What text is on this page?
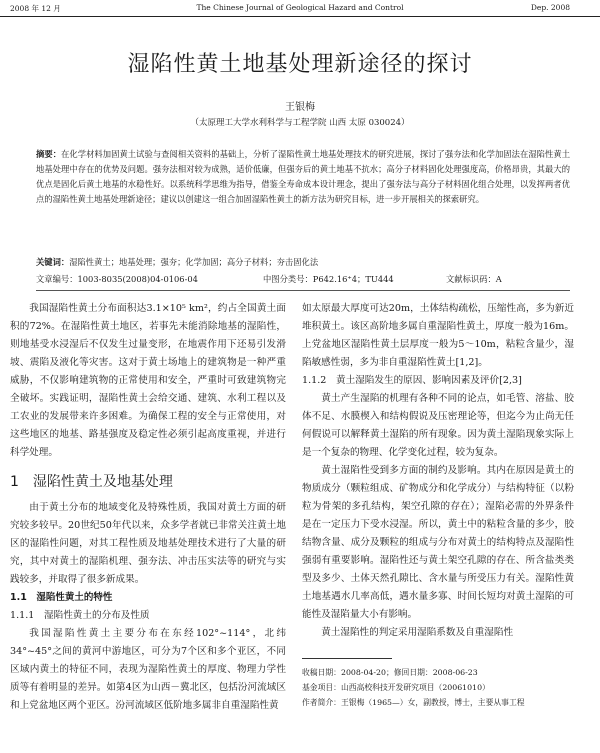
2008 年 12 月	The Chinese Journal of Geological Hazard and Control	Dep. 2008
湿陷性黄土地基处理新途径的探讨
王银梅
（太原理工大学水利科学与工程学院 山西 太原 030024）
摘要：在化学材料加固黄土试验与查阅相关资料的基础上，分析了湿陷性黄土地基处理技术的研究进展，探讨了强夯法和化学加固法在湿陷性黄土地基处理中存在的优势及问题。强夯法相对较为成熟，适价低廉，但强夯后的黄土地基不抗水；高分子材料固化处理强度高，价格昂贵，其最大的优点是固化后黄土地基的水稳性好。以系统科学思维为指导，借鉴全寿命成本设计理念，提出了强夯法与高分子材料固化组合处理，以发挥两者优点的湿陷性黄土地基处理新途径；建议以创建这一组合加固湿陷性黄土的新方法为研究目标，进一步开展相关的探索研究。
关键词：湿陷性黄土；地基处理；强夯；化学加固；高分子材料；夯击固化法
文章编号：1003-8035(2008)04-0106-04	中图分类号：P642.16⁺4；TU444	文献标识码：A

我国湿陷性黄土分布面积达3.1×10⁵ km²，约占全国黄土面积的72%。在湿陷性黄土地区，若事先未能消除地基的湿陷性，则地基受水浸湿后不仅发生过量变形，在地震作用下还易引发滑坡、震陷及液化等灾害。这对于黄土场地上的建筑物是一种严重威胁，不仅影响建筑物的正常使用和安全，严重时可致建筑物完全破坏。实践证明，湿陷性黄土会给交通、建筑、水利工程以及工农业的发展带来许多困难。为确保工程的安全与正常使用，对这些地区的地基、路基强度及稳定性必须引起高度重视，并进行科学处理。

1　湿陷性黄土及地基处理

由于黄土分布的地域变化及特殊性质，我国对黄土方面的研究较多较早。20世纪50年代以来，众多学者就已非常关注黄土地区的湿陷性问题，对其工程性质及地基处理技术进行了大量的研究，其中对黄土的湿陷机理、强夯法、冲击压实法等的研究与实践较多，并取得了很多新成果。

1.1　湿陷性黄土的特性
1.1.1　湿陷性黄土的分布及性质

我国湿陷性黄土主要分布在东经102°~114°，北纬34°~45°之间的黄河中游地区，可分为7个区和多个亚区，不同区域内黄土的特征不同，表现为湿陷性黄土的厚度、物理力学性质等有着明显的差异。如第4区为山西－冀北区，包括汾河流域区和上党盆地区两个亚区。汾河流域区低阶地多属非自重湿陷性黄

如太原最大厚度可达20m，土体结构疏松，压缩性高，多为新近堆积黄土。该区高阶地多属自重湿陷性黄土，厚度一般为16m。上党盆地区湿陷性黄土层厚度一般为5～10m，粘粒含量少，湿陷敏感性弱，多为非自重湿陷性黄土[1,2]。

1.1.2　黄土湿陷发生的原因、影响因素及评价[2,3]

黄土产生湿陷的机理有各种不同的论点，如毛管、溶盐、胶体不足、水膜楔入和结构假说及压密理论等，但迄今为止尚无任何假说可以解释黄土湿陷的所有现象。因为黄土湿陷现象实际上是一个复杂的物理、化学变化过程，较为复杂。

黄土湿陷性受到多方面的制约及影响。其内在原因是黄土的物质成分（颗粒组成、矿物成分和化学成分）与结构特征（以粉粒为骨架的多孔结构，架空孔隙的存在）；湿陷必需的外界条件是在一定压力下受水浸湿。所以，黄土中的粘粒含量的多少，胶结物含量、成分及颗粒的组成与分布对黄土的结构特点及湿陷性强弱有重要影响。湿陷性还与黄土架空孔隙的存在、所含盐类类型及多少、土体天然孔隙比、含水量与所受压力有关。湿陷性黄土地基遇水几率高低，遇水量多寡、时间长短均对黄土湿陷的可能性及湿陷量大小有影响。

黄土湿陷性的判定采用湿陷系数及自重湿陷性

收稿日期：2008-04-20；修回日期：2008-06-23
基金项目：山西高校科技开发研究项目（20061010）
作者简介：王银梅（1965—）女，副教授，博士，主要从事工程
